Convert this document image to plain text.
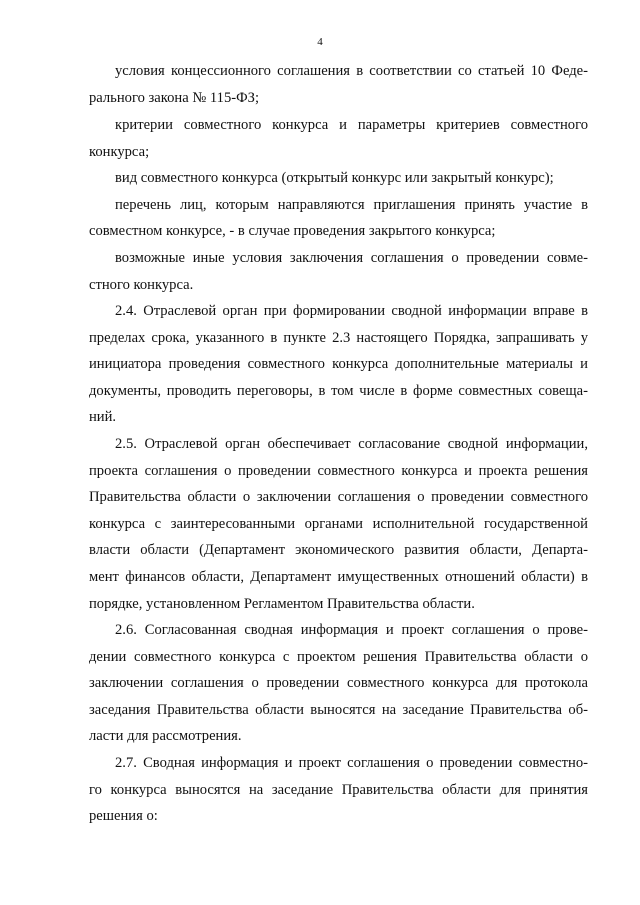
4
условия концессионного соглашения в соответствии со статьей 10 Феде-
рального закона № 115-ФЗ;
критерии совместного конкурса и параметры критериев совместного
конкурса;
вид совместного конкурса (открытый конкурс или закрытый конкурс);
перечень лиц, которым направляются приглашения принять участие в
совместном конкурсе, - в случае проведения закрытого конкурса;
возможные иные условия заключения соглашения о проведении совме-
стного конкурса.
2.4. Отраслевой орган при формировании сводной информации вправе в
пределах срока, указанного в пункте 2.3 настоящего Порядка, запрашивать у
инициатора проведения совместного конкурса дополнительные материалы и
документы, проводить переговоры, в том числе в форме совместных совеща-
ний.
2.5. Отраслевой орган обеспечивает согласование сводной информации,
проекта соглашения о проведении совместного конкурса и проекта решения
Правительства области о заключении соглашения о проведении совместного
конкурса с заинтересованными органами исполнительной государственной
власти области (Департамент экономического развития области, Департа-
мент финансов области, Департамент имущественных отношений области) в
порядке, установленном Регламентом Правительства области.
2.6. Согласованная сводная информация и проект соглашения о прове-
дении совместного конкурса с проектом решения Правительства области о
заключении соглашения о проведении совместного конкурса для протокола
заседания Правительства области выносятся на заседание Правительства об-
ласти для рассмотрения.
2.7. Сводная информация и проект соглашения о проведении совместно-
го конкурса выносятся на заседание Правительства области для принятия
решения о:
